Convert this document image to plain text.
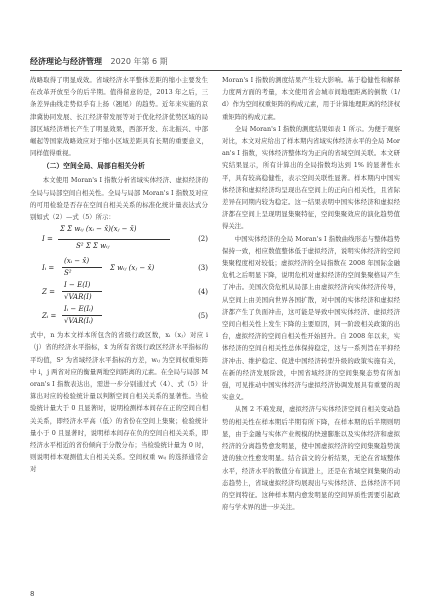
经济理论与经济管理 2020 年第 6 期

战略取得了明显成效。省域经济水平整体差距的缩小主要发生在改革开放至今的后半期。值得留意的是，2013 年之后，三条差异曲线走势似乎有上扬（翘尾）的趋势。近年来实施的京津冀协同发展、长江经济带发展等对于优化经济优势区域的局部区域经济增长产生了明显效果，西部开发、东北振兴、中部崛起等国家战略效应对于缩小区域差距具有长期的重要意义，同样值得重视。

（二）空间全局、局部自相关分析

本文使用 Moran's I 指数分析省域实体经济、虚拟经济的全局与局部空间自相关性。全局与局部 Moran's I 指数及对应的可用检验是否存在空间自相关关系的标准化统计量表达式分别如式（2）—式（5）所示：

I =
Σ Σ wᵢⱼ (xᵢ − x̄)(xⱼ − x̄)
S² Σ Σ wᵢⱼ
(2)
Iᵢ =
(xᵢ − x̄)
S²
Σ wᵢⱼ (xⱼ − x̄)	(3)
Z =
I − E(I)
√VAR(I)
(4)
Zᵢ =
Iᵢ − E(Iᵢ)
√VAR(Iᵢ)
(5)

式中，n 为本文样本所包含的省级行政区数，xᵢ（xⱼ）对应 i（j）省的经济水平指标，x̄ 为所有省级行政区经济水平指标的平均值，S² 为省域经济水平指标的方差，wᵢⱼ 为空间权重矩阵中 i，j 两省对应的衡量两地空间距离的元素。在全局与局部 Moran's I 指数表达出，需进一步分别通过式（4）、式（5）计算出对应的检验统计量以判断空间自相关关系的显著性。当检验统计量大于 0 且显著时，说明检测样本间存在正的空间自相关关系，即经济水平高（低）的省份在空间上集聚；检验统计量小于 0 且显著时，说明样本间存在负的空间自相关关系，即经济水平相近的省份倾向于分散分布；当检验统计量为 0 时，则说明样本观测值太自相关关系。空间权重 wᵢⱼ 的选择通常会对

Moran's I 指数的测度结果产生较大影响。基于稳健性和解释力度两方面的考量，本文使用省会城市间地理距离的倒数（1/d）作为空间权重矩阵的构成元素，用于计算地理距离的经济权重矩阵的构成元素。

全局 Moran's I 指数的测度结果如表 1 所示。为便于观察对比，本文对应给出了样本期内省域实体经济水平的全局 Moran's I 指数，实体经济整体均为正向的省域空间关联。本文研究结果显示，所有计算出的全局指数均达到 1% 的显著性水平，具有较高稳健性，表示空间关联性显著。样本期内中国实体经济和虚拟经济均呈现出在空间上的正向自相关性，且省际差异在同期内较为稳定。这一结果表明中国实体经济和虚拟经济都在空间上呈现明显集聚特征，空间集聚效应的演化趋势值得关注。

中国实体经济的全局 Moran's I 指数曲线形态与整体趋势保持一致，相应数值整体低于虚拟经济，说明实体经济的空间集聚程度相对较低；虚拟经济的全局指数在 2008 年国际金融危机之后明显下降，说明危机对虚拟经济的空间集聚格局产生了冲击。美国次贷危机从局部上由虚拟经济向实体经济传导，从空间上由美国向世界各国扩散，对中国的实体经济和虚拟经济都产生了负面冲击，这可能是导致中国实体经济、虚拟经济空间自相关性上发生下降的主要原因，同一阶段相关政策的出台，虚拟经济的空间自相关性开始回升。自 2008 年以来，实体经济的空间自相关性总体保持稳定，这与一系列旨在平抑经济冲击、维护稳定、促进中国经济转型升级的政策实施有关，在新的经济发展阶段，中国省域经济的空间集聚态势有所加强，可见推动中国实体经济与虚拟经济协调发展具有重要的现实意义。

从图 2 不难发现，虚拟经济与实体经济空间自相关变动趋势的相关性在样本期后半期有所下降，在样本期的后半期则明显，由于金融与实体产业规模的快速膨胀以及实体经济和虚拟经济的分离趋势愈发明显，使中国虚拟经济的空间集聚趋势演进的独立性愈发明显。结合前文的分析结果，无论在省域整体水平，经济水平的数值分布演进上，还是在省域空间集聚的动态趋势上，省域虚拟经济均展现出与实体经济、总体经济不同的空间特征。这种样本期内愈发明显的空间异质性需要引起政府与学术界的进一步关注。

8
